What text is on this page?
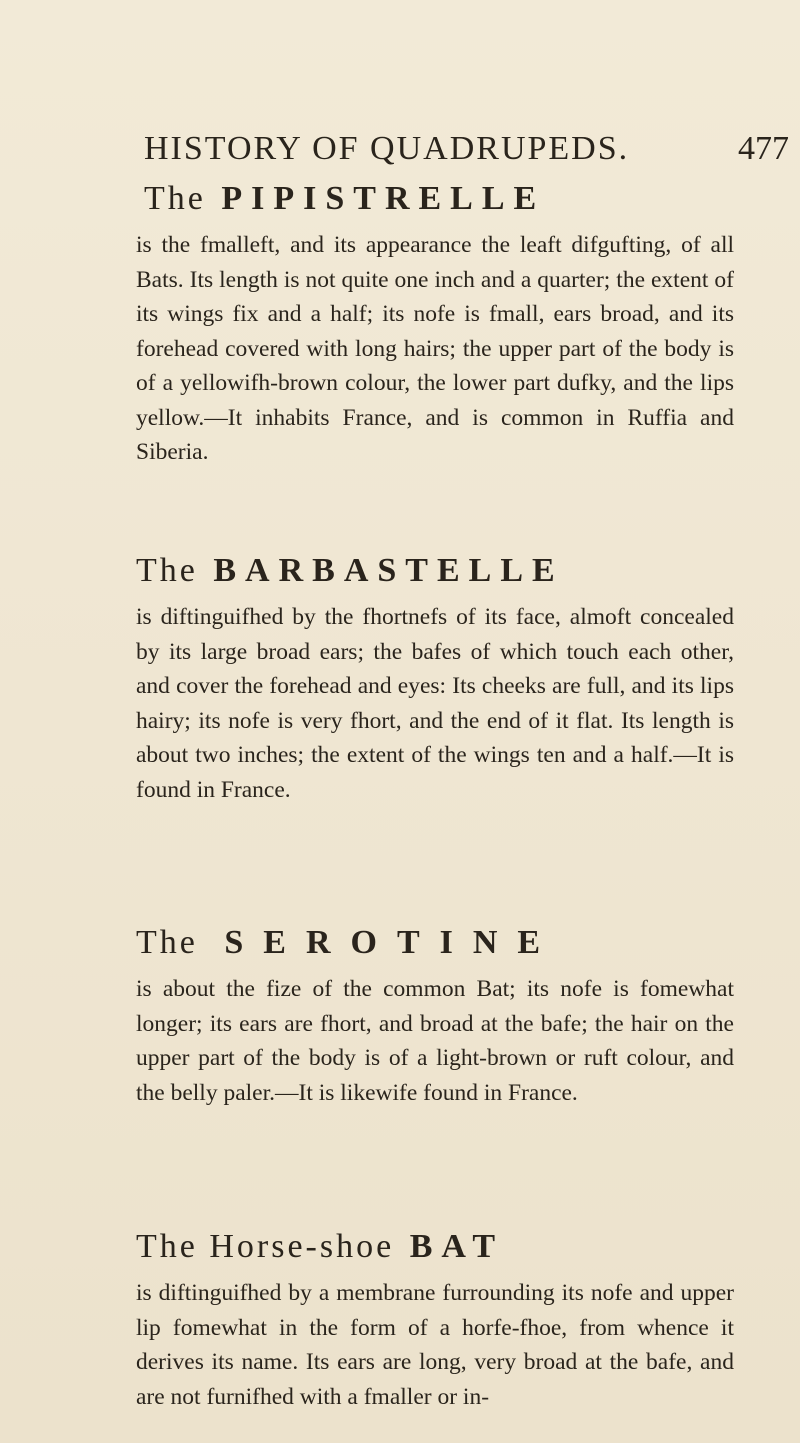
HISTORY OF QUADRUPEDS.	477
The PIPISTRELLE

is the fmalleft, and its appearance the leaft difgufting, of all Bats. Its length is not quite one inch and a quarter; the extent of its wings fix and a half; its nofe is fmall, ears broad, and its forehead covered with long hairs; the upper part of the body is of a yellowifh-brown colour, the lower part dufky, and the lips yellow.—It inhabits France, and is common in Ruffia and Siberia.

The BARBASTELLE

is diftinguifhed by the fhortnefs of its face, almoft concealed by its large broad ears; the bafes of which touch each other, and cover the forehead and eyes: Its cheeks are full, and its lips hairy; its nofe is very fhort, and the end of it flat. Its length is about two inches; the extent of the wings ten and a half.—It is found in France.

The SEROTINE

is about the fize of the common Bat; its nofe is fomewhat longer; its ears are fhort, and broad at the bafe; the hair on the upper part of the body is of a light-brown or ruft colour, and the belly paler.—It is likewife found in France.

The Horse-shoe BAT

is diftinguifhed by a membrane furrounding its nofe and upper lip fomewhat in the form of a horfe-fhoe, from whence it derives its name. Its ears are long, very broad at the bafe, and are not furnifhed with a fmaller or in-
